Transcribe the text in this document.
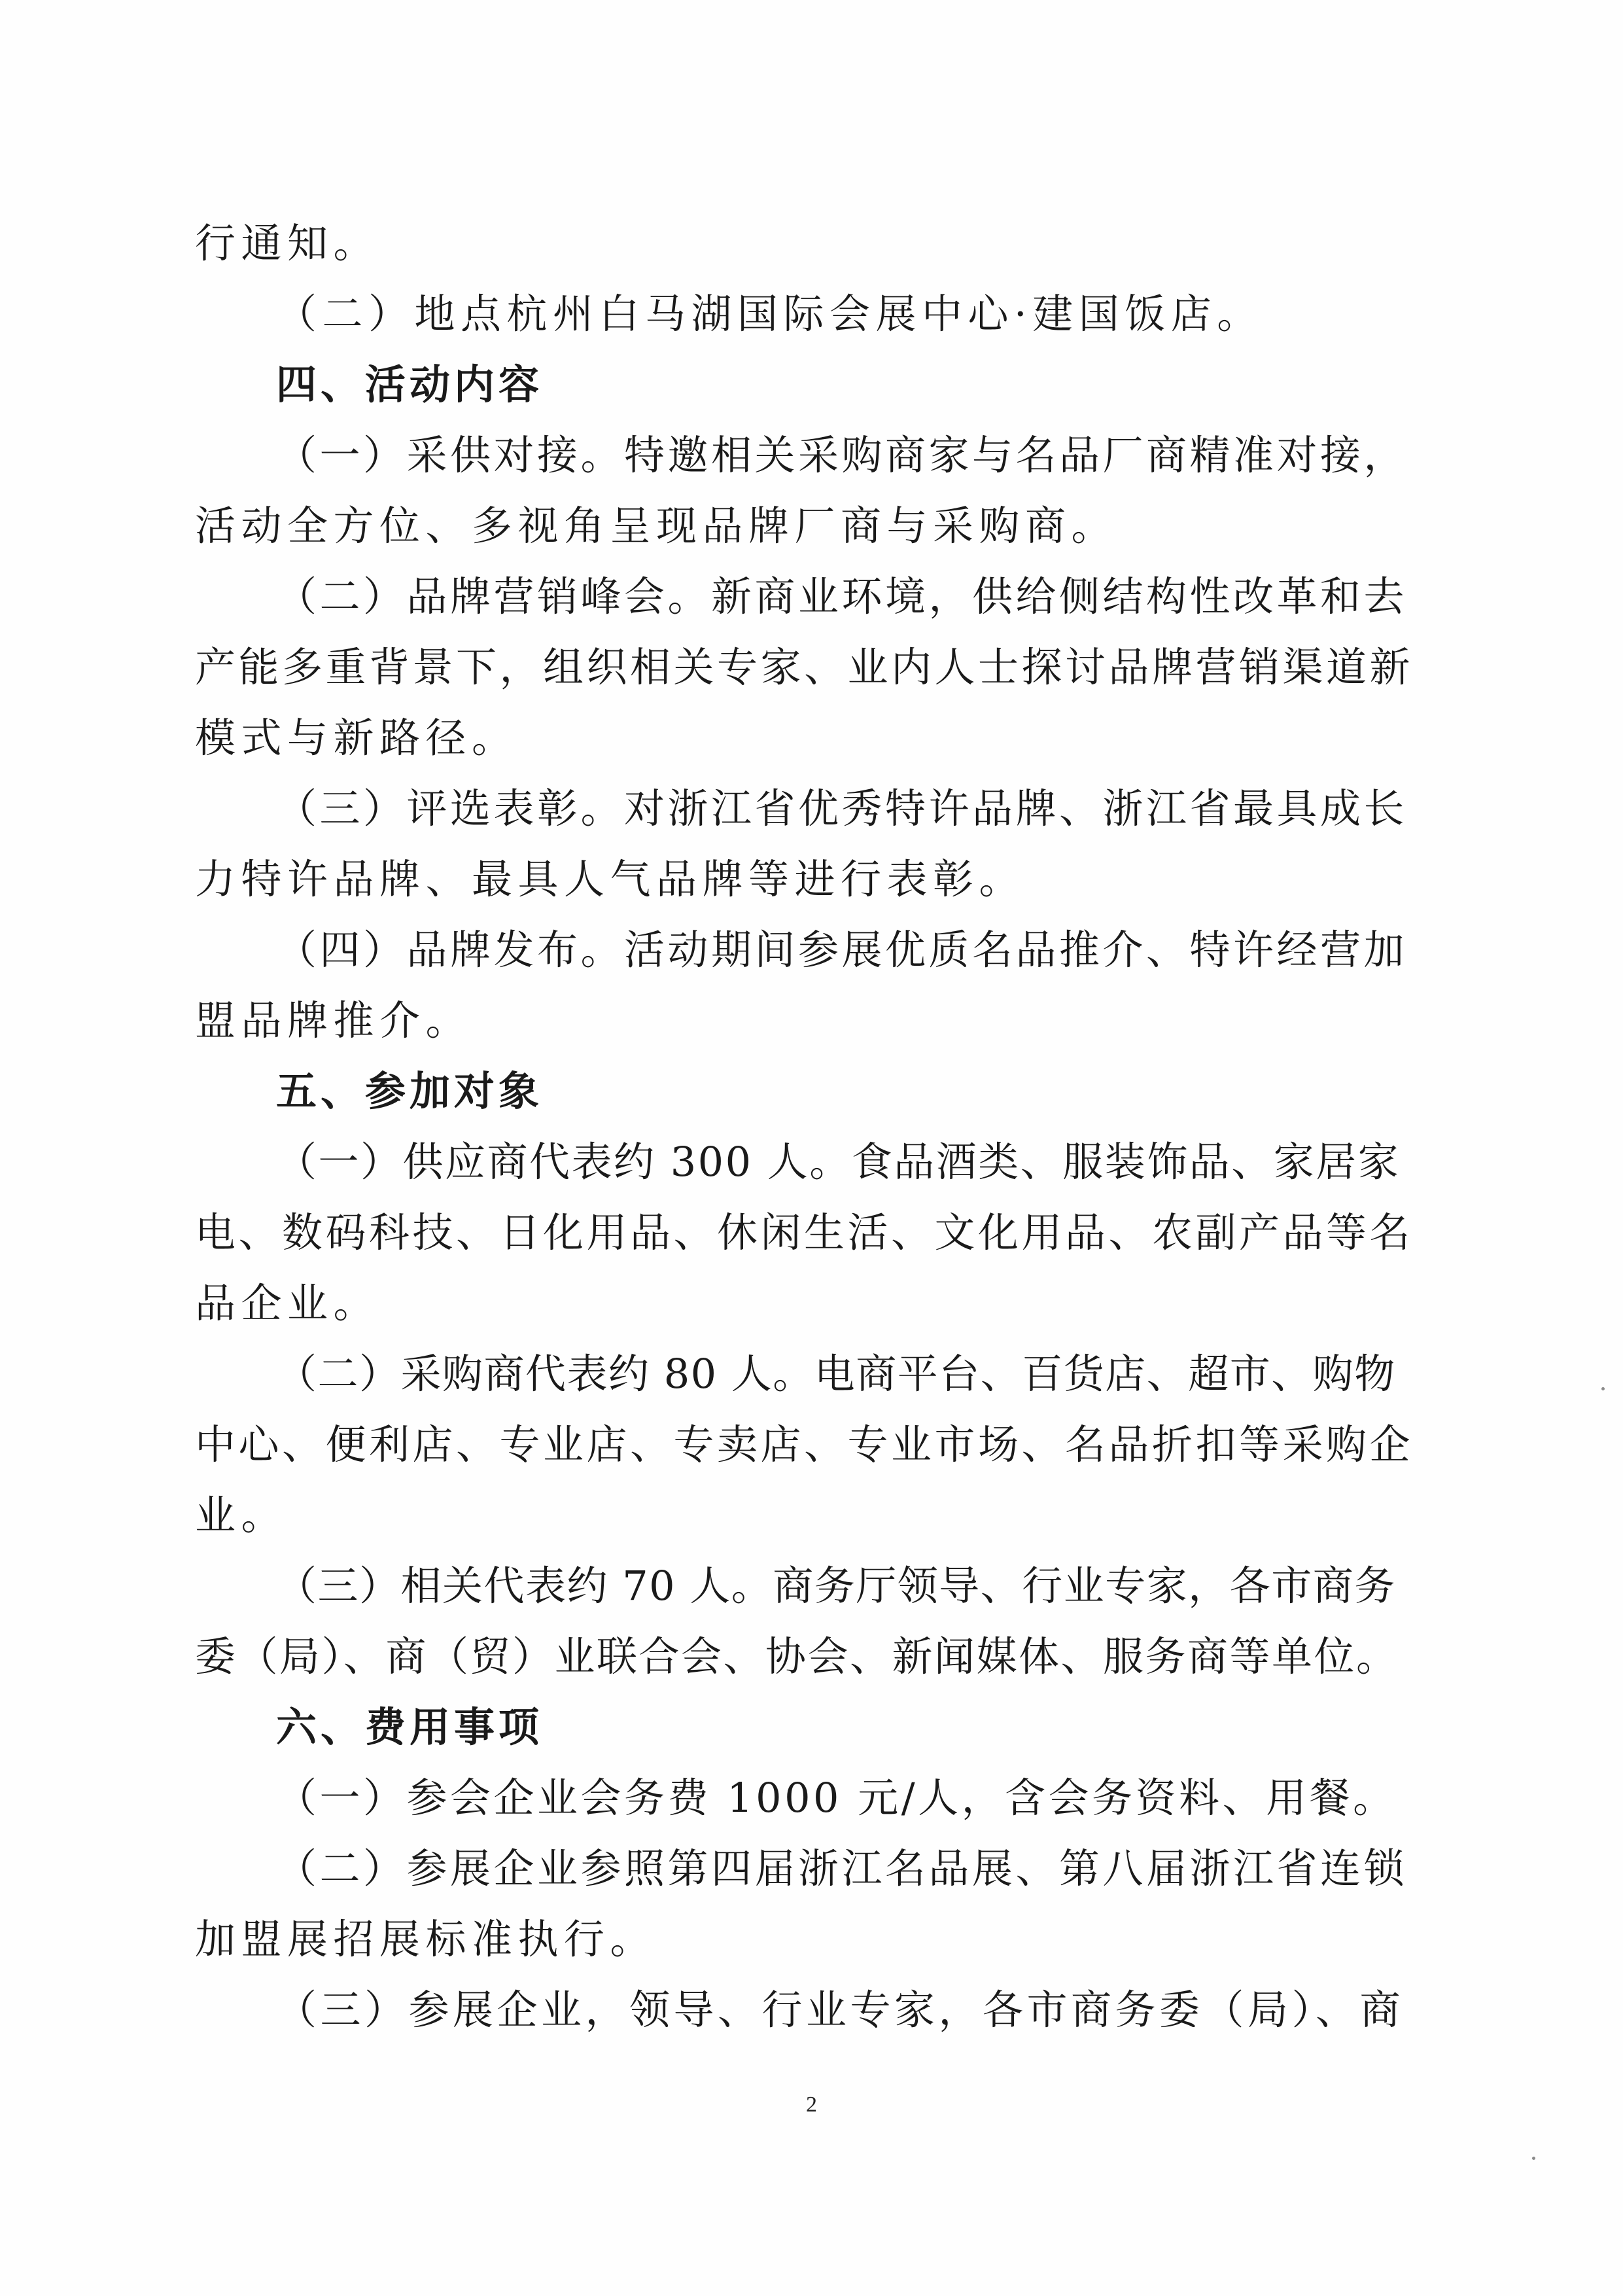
行通知。
（二）地点杭州白马湖国际会展中心·建国饭店。
四、活动内容
（一）采供对接。特邀相关采购商家与名品厂商精准对接，
活动全方位、多视角呈现品牌厂商与采购商。
（二）品牌营销峰会。新商业环境，供给侧结构性改革和去
产能多重背景下，组织相关专家、业内人士探讨品牌营销渠道新
模式与新路径。
（三）评选表彰。对浙江省优秀特许品牌、浙江省最具成长
力特许品牌、最具人气品牌等进行表彰。
（四）品牌发布。活动期间参展优质名品推介、特许经营加
盟品牌推介。
五、参加对象
（一）供应商代表约 300 人。食品酒类、服装饰品、家居家
电、数码科技、日化用品、休闲生活、文化用品、农副产品等名
品企业。
（二）采购商代表约 80 人。电商平台、百货店、超市、购物
中心、便利店、专业店、专卖店、专业市场、名品折扣等采购企
业。
（三）相关代表约 70 人。商务厅领导、行业专家，各市商务
委（局）、商（贸）业联合会、协会、新闻媒体、服务商等单位。
六、费用事项
（一）参会企业会务费 1000 元/人，含会务资料、用餐。
（二）参展企业参照第四届浙江名品展、第八届浙江省连锁
加盟展招展标准执行。
（三）参展企业，领导、行业专家，各市商务委（局）、商
2
